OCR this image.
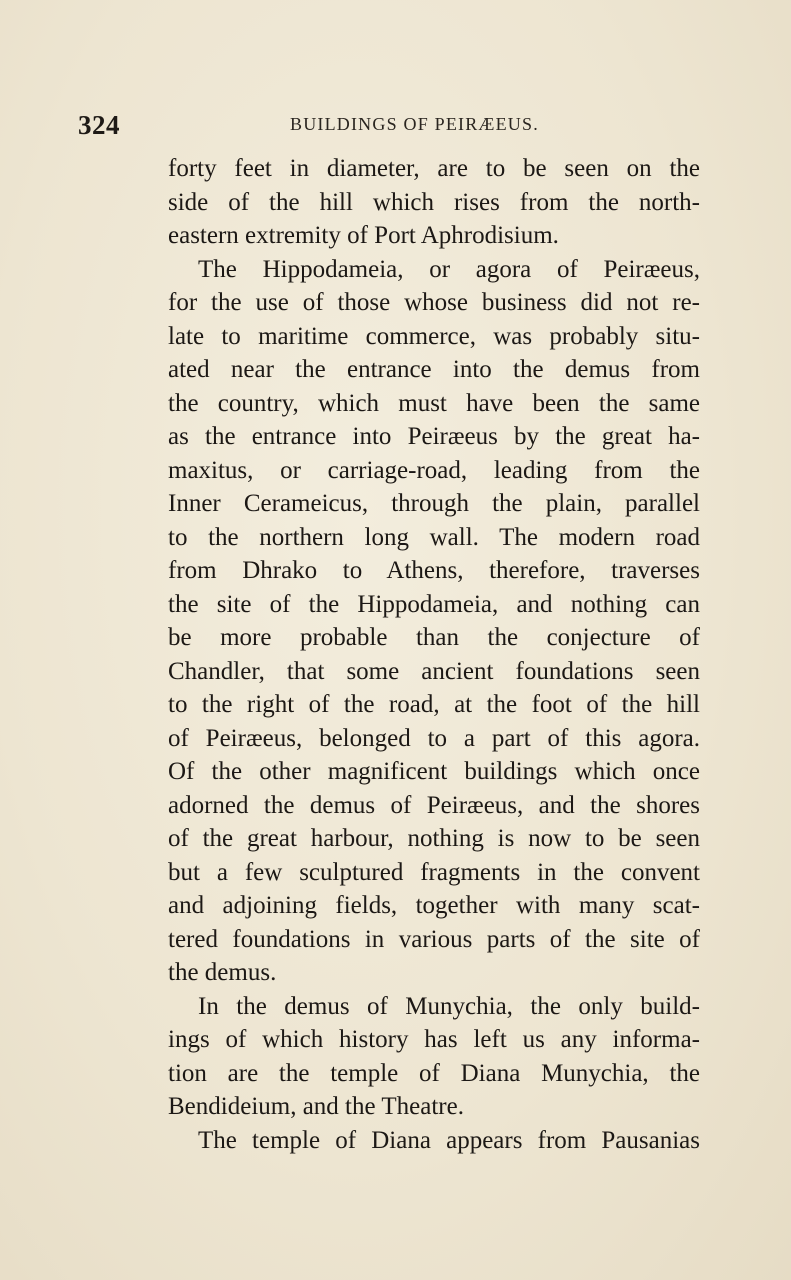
324	BUILDINGS OF PEIRÆEUS.
forty feet in diameter, are to be seen on the
side of the hill which rises from the north-
eastern extremity of Port Aphrodisium.
The Hippodameia, or agora of Peiræeus,
for the use of those whose business did not re-
late to maritime commerce, was probably situ-
ated near the entrance into the demus from
the country, which must have been the same
as the entrance into Peiræeus by the great ha-
maxitus, or carriage-road, leading from the
Inner Cerameicus, through the plain, parallel
to the northern long wall. The modern road
from Dhrako to Athens, therefore, traverses
the site of the Hippodameia, and nothing can
be more probable than the conjecture of
Chandler, that some ancient foundations seen
to the right of the road, at the foot of the hill
of Peiræeus, belonged to a part of this agora.
Of the other magnificent buildings which once
adorned the demus of Peiræeus, and the shores
of the great harbour, nothing is now to be seen
but a few sculptured fragments in the convent
and adjoining fields, together with many scat-
tered foundations in various parts of the site of
the demus.
In the demus of Munychia, the only build-
ings of which history has left us any informa-
tion are the temple of Diana Munychia, the
Bendideium, and the Theatre.
The temple of Diana appears from Pausanias
